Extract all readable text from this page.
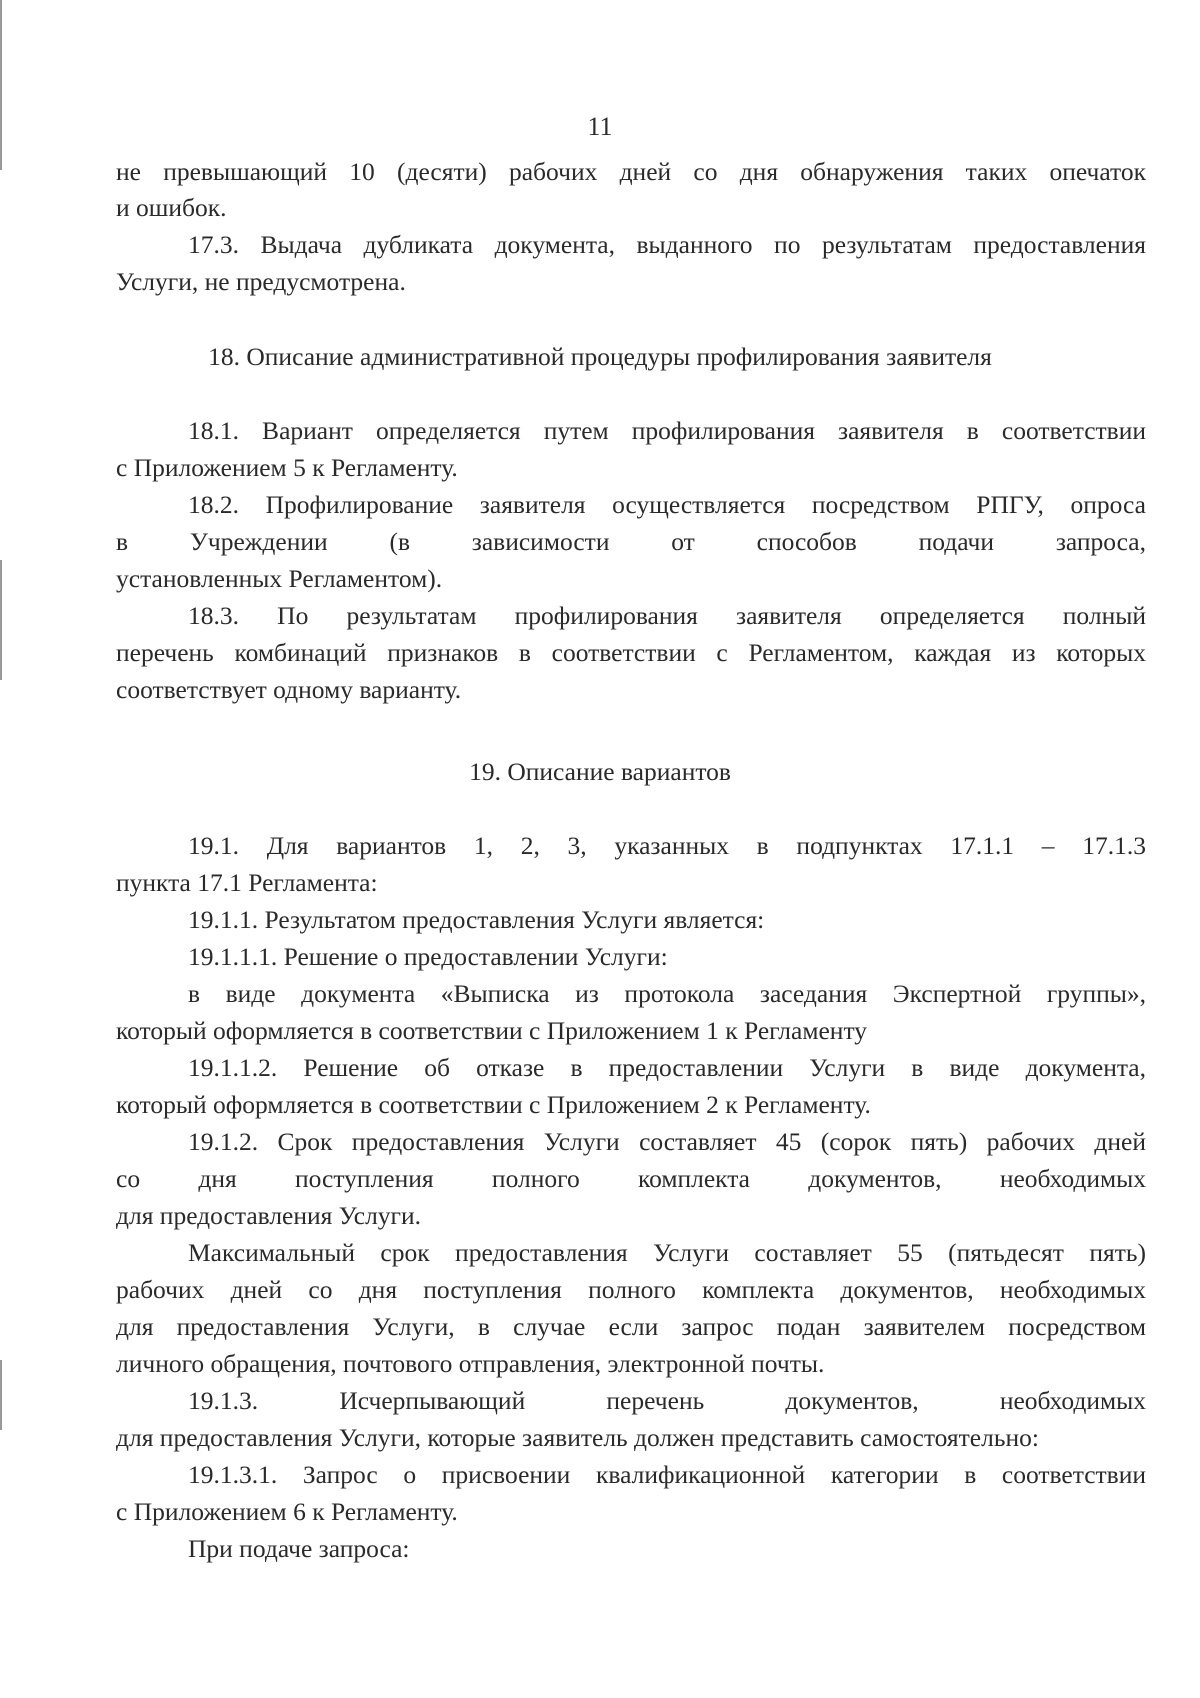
11
не превышающий 10 (десяти) рабочих дней со дня обнаружения таких опечаток
и ошибок.
17.3. Выдача дубликата документа, выданного по результатам предоставления
Услуги, не предусмотрена.
18. Описание административной процедуры профилирования заявителя
18.1. Вариант определяется путем профилирования заявителя в соответствии
с Приложением 5 к Регламенту.
18.2. Профилирование заявителя осуществляется посредством РПГУ, опроса
в Учреждении (в зависимости от способов подачи запроса,
установленных Регламентом).
18.3. По результатам профилирования заявителя определяется полный
перечень комбинаций признаков в соответствии с Регламентом, каждая из которых
соответствует одному варианту.
19. Описание вариантов
19.1. Для вариантов 1, 2, 3, указанных в подпунктах 17.1.1 – 17.1.3
пункта 17.1 Регламента:
19.1.1. Результатом предоставления Услуги является:
19.1.1.1. Решение о предоставлении Услуги:
в виде документа «Выписка из протокола заседания Экспертной группы»,
который оформляется в соответствии с Приложением 1 к Регламенту
19.1.1.2. Решение об отказе в предоставлении Услуги в виде документа,
который оформляется в соответствии с Приложением 2 к Регламенту.
19.1.2. Срок предоставления Услуги составляет 45 (сорок пять) рабочих дней
со дня поступления полного комплекта документов, необходимых
для предоставления Услуги.
Максимальный срок предоставления Услуги составляет 55 (пятьдесят пять)
рабочих дней со дня поступления полного комплекта документов, необходимых
для предоставления Услуги, в случае если запрос подан заявителем посредством
личного обращения, почтового отправления, электронной почты.
19.1.3. Исчерпывающий перечень документов, необходимых
для предоставления Услуги, которые заявитель должен представить самостоятельно:
19.1.3.1. Запрос о присвоении квалификационной категории в соответствии
с Приложением 6 к Регламенту.
При подаче запроса:
